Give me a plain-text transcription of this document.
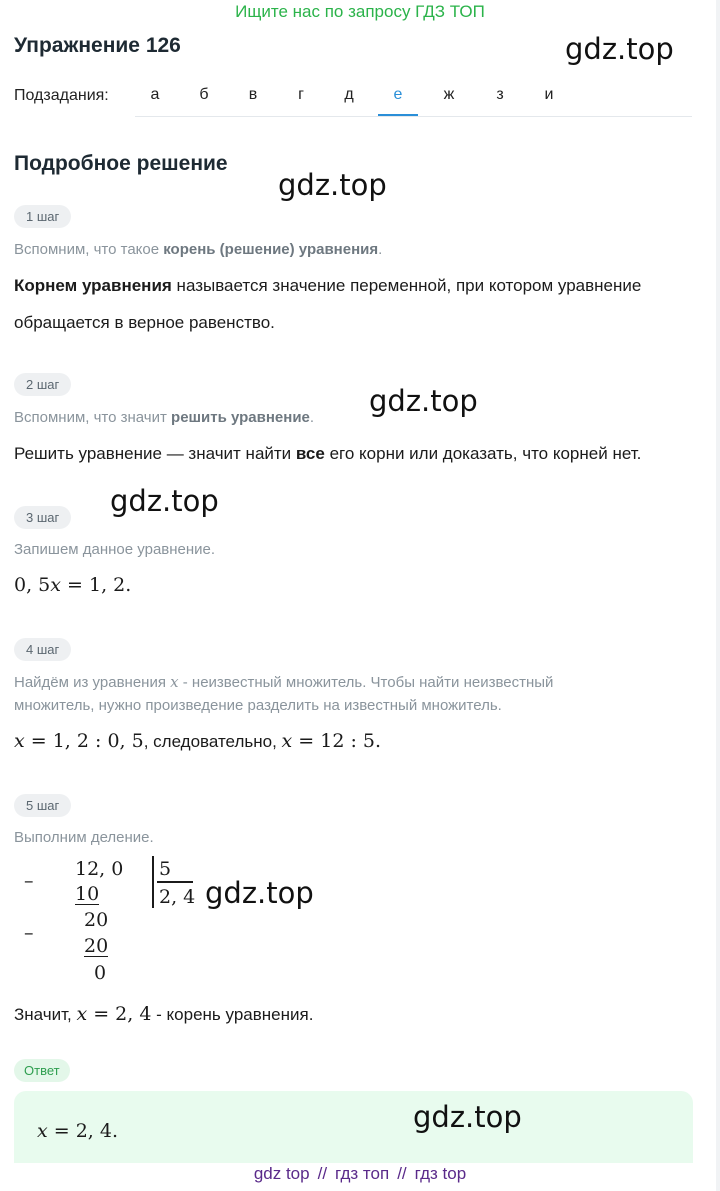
Ищите нас по запросу ГДЗ ТОП
Упражнение 126	gdz.top
Подзадания:	а	б	в	г	д	е	ж	з	и
Подробное решение
gdz.top
1 шаг
Вспомним, что такое корень (решение) уравнения.
Корнем уравнения называется значение переменной, при котором уравнение
обращается в верное равенство.
2 шаг	gdz.top
Вспомним, что значит решить уравнение.
Решить уравнение — значит найти все его корни или доказать, что корней нет.
gdz.top
3 шаг
Запишем данное уравнение.
0, 5x = 1, 2.
4 шаг
Найдём из уравнения x - неизвестный множитель. Чтобы найти неизвестный
множитель, нужно произведение разделить на известный множитель.
x = 1, 2 : 0, 5, следовательно, x = 12 : 5.
5 шаг
Выполним деление.
–
12, 0
10
–
20
20
0
5
2, 4 gdz.top
Значит, x = 2, 4 - корень уравнения.
Ответ
x = 2, 4.	gdz.top
gdz top // гдз топ // гдз top
